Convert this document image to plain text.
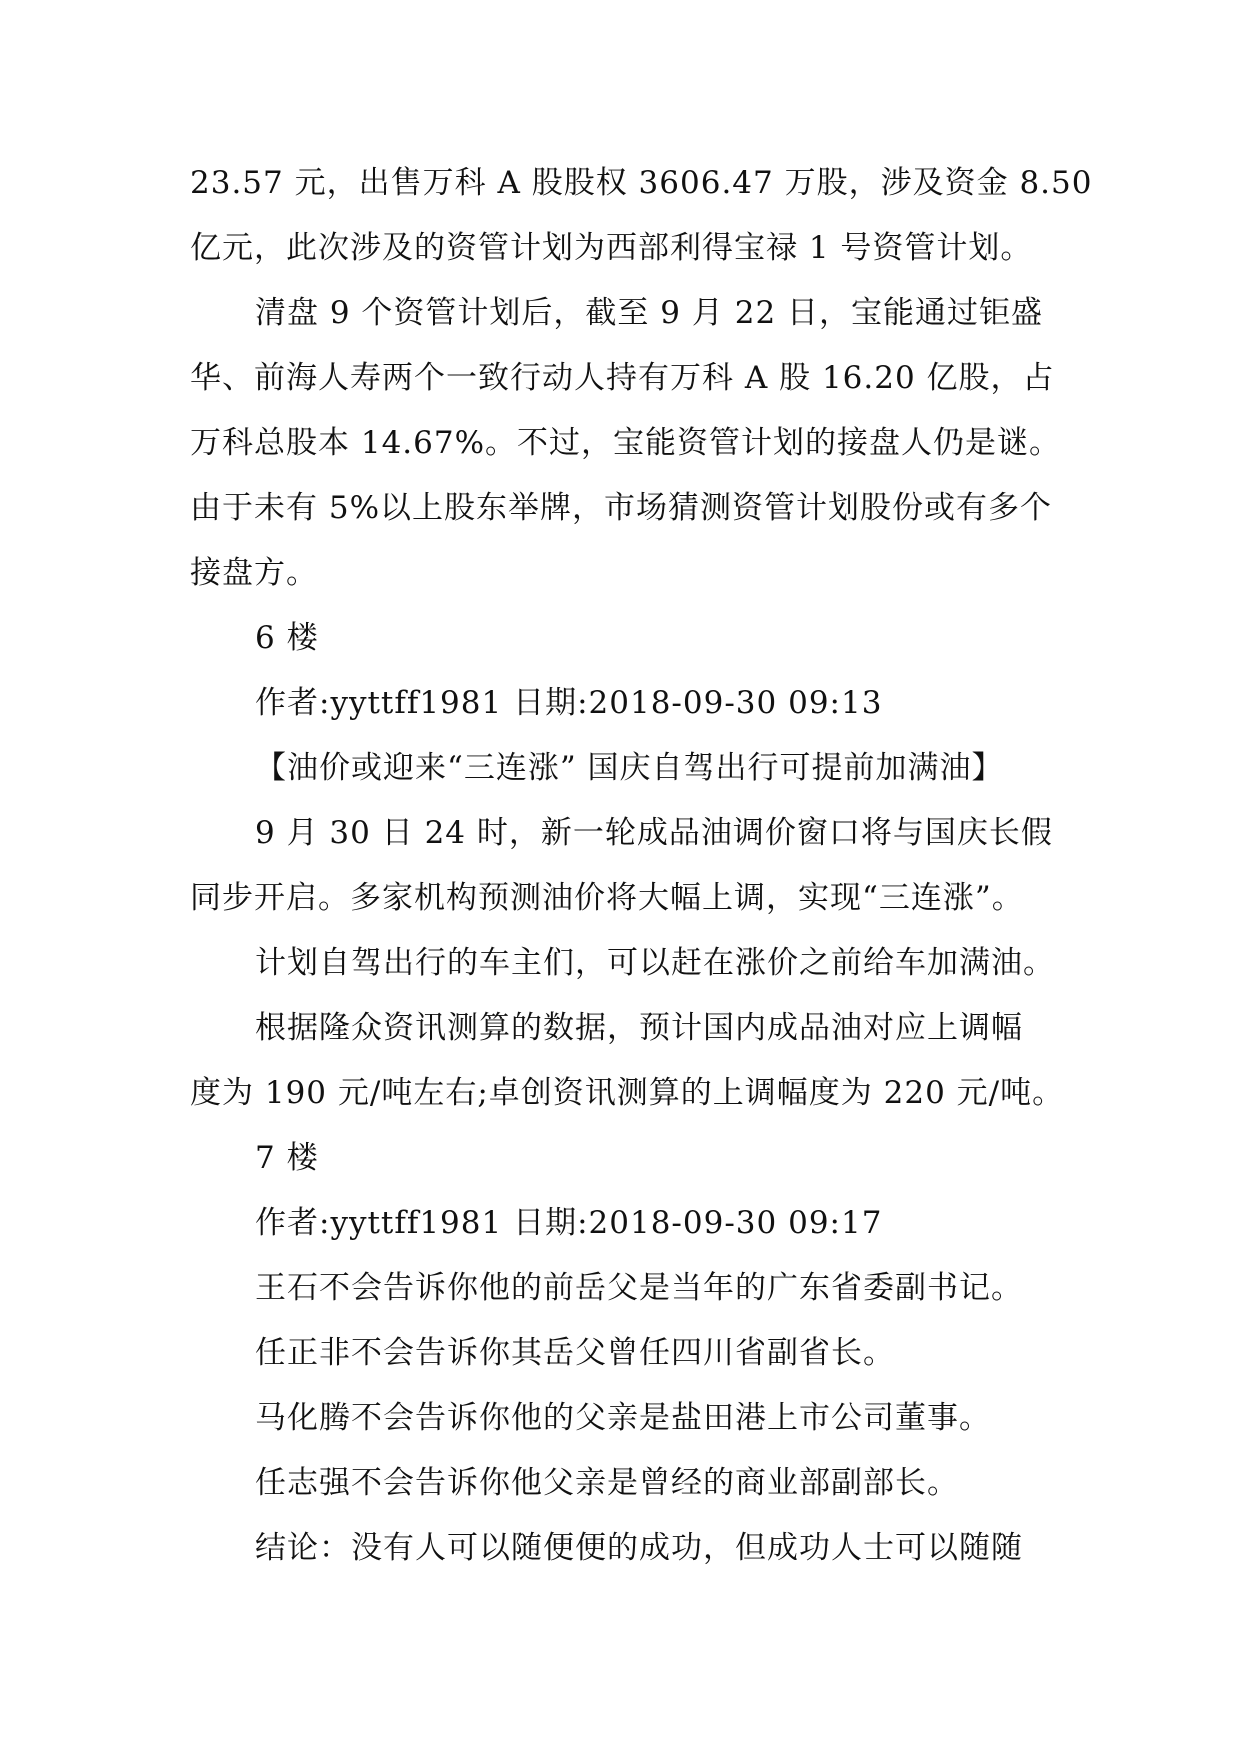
23.57 元，出售万科 A 股股权 3606.47 万股，涉及资金 8.50
亿元，此次涉及的资管计划为西部利得宝禄 1 号资管计划。
清盘 9 个资管计划后，截至 9 月 22 日，宝能通过钜盛
华、前海人寿两个一致行动人持有万科 A 股 16.20 亿股，占
万科总股本 14.67%。不过，宝能资管计划的接盘人仍是谜。
由于未有 5%以上股东举牌，市场猜测资管计划股份或有多个
接盘方。
6 楼
作者:yyttff1981 日期:2018-09-30 09:13
【油价或迎来“三连涨” 国庆自驾出行可提前加满油】
9 月 30 日 24 时，新一轮成品油调价窗口将与国庆长假
同步开启。多家机构预测油价将大幅上调，实现“三连涨”。
计划自驾出行的车主们，可以赶在涨价之前给车加满油。
根据隆众资讯测算的数据，预计国内成品油对应上调幅
度为 190 元/吨左右;卓创资讯测算的上调幅度为 220 元/吨。
7 楼
作者:yyttff1981 日期:2018-09-30 09:17
王石不会告诉你他的前岳父是当年的广东省委副书记。
任正非不会告诉你其岳父曾任四川省副省长。
马化腾不会告诉你他的父亲是盐田港上市公司董事。
任志强不会告诉你他父亲是曾经的商业部副部长。
结论：没有人可以随便便的成功，但成功人士可以随随
